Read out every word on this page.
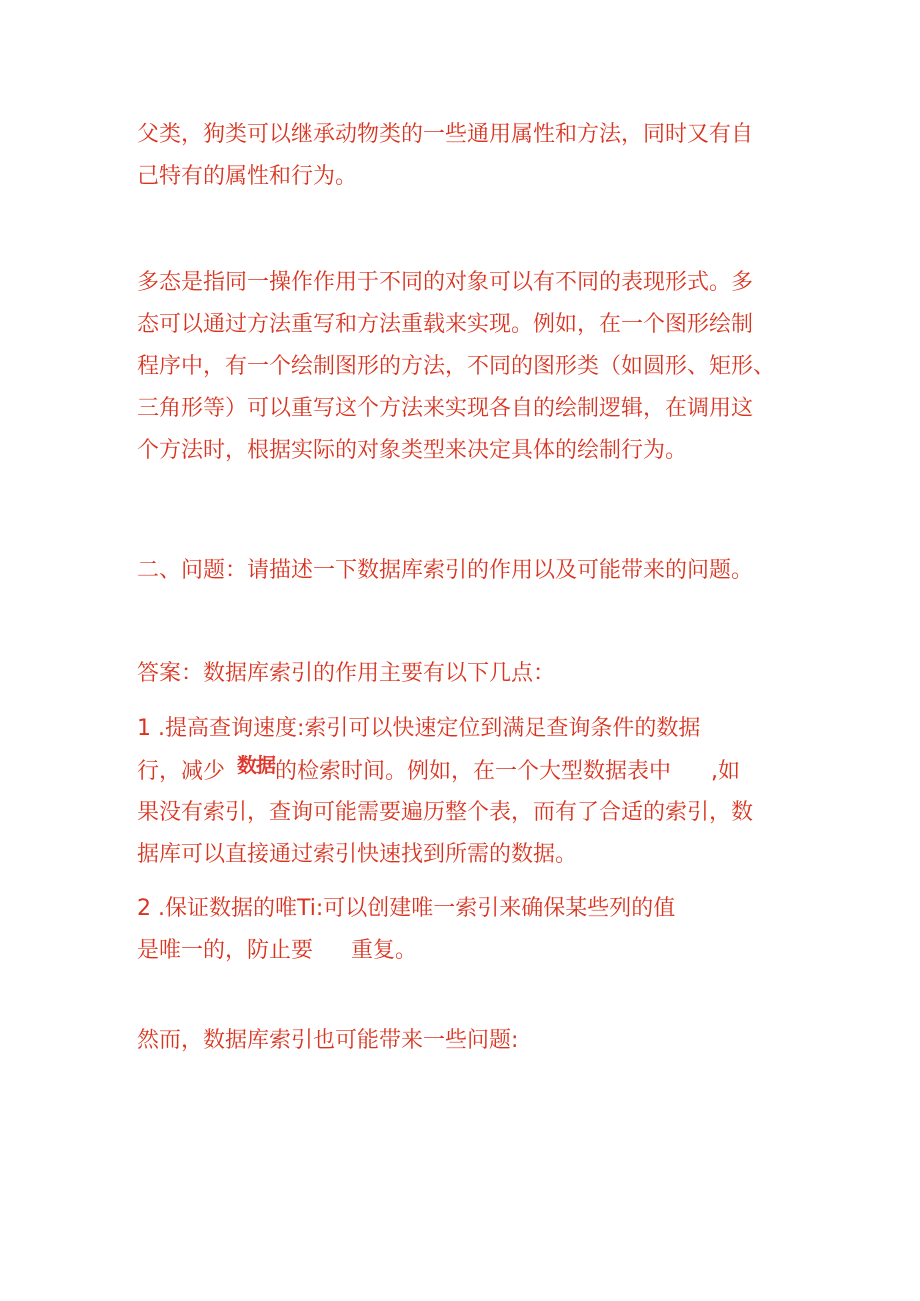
父类，狗类可以继承动物类的一些通用属性和方法，同时又有自
己特有的属性和行为。
多态是指同一操作作用于不同的对象可以有不同的表现形式。多
态可以通过方法重写和方法重载来实现。例如，在一个图形绘制
程序中，有一个绘制图形的方法，不同的图形类（如圆形、矩形、
三角形等）可以重写这个方法来实现各自的绘制逻辑，在调用这
个方法时，根据实际的对象类型来决定具体的绘制行为。
二、问题：请描述一下数据库索引的作用以及可能带来的问题。
答案：数据库索引的作用主要有以下几点：
1 .提高查询速度:索引可以快速定位到满足查询条件的数据
行，减少 数据的检索时间。例如，在一个大型数据表中 ,如
果没有索引，查询可能需要遍历整个表，而有了合适的索引，数
据库可以直接通过索引快速找到所需的数据。
2 .保证数据的唯Ti:可以创建唯一索引来确保某些列的值
是唯一的，防止要 重复。
然而，数据库索引也可能带来一些问题:
